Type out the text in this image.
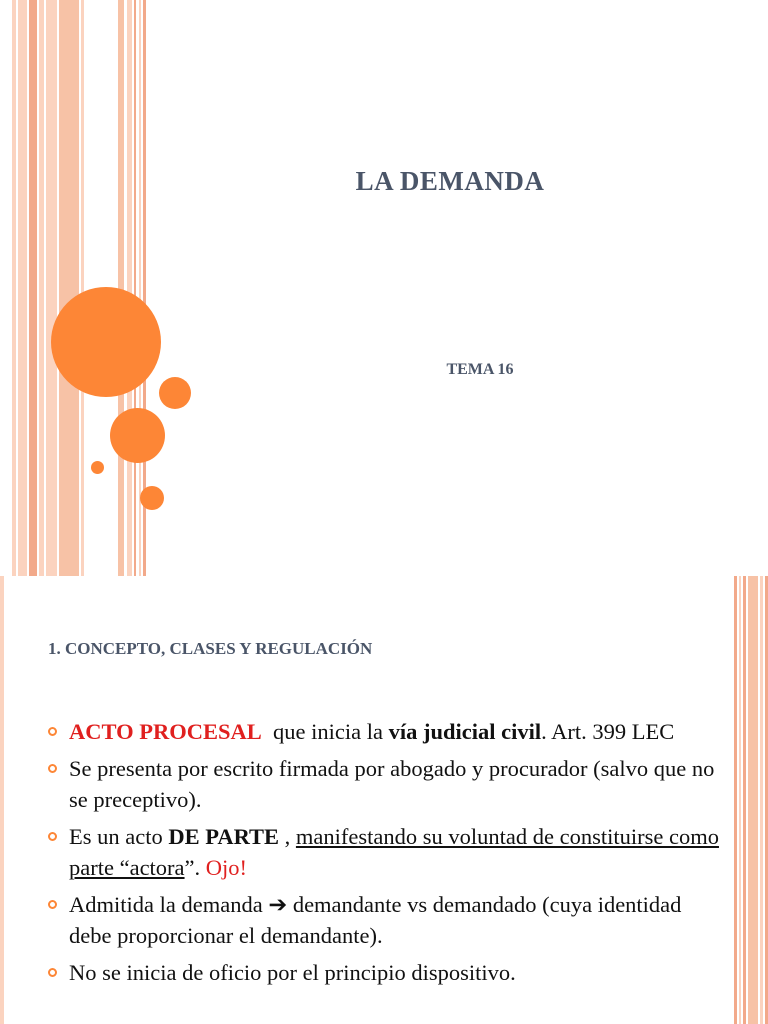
LA DEMANDA
TEMA 16
1. CONCEPTO, CLASES Y REGULACIÓN
ACTO PROCESAL  que inicia la vía judicial civil. Art. 399 LEC
Se presenta por escrito firmada por abogado y procurador (salvo que no se preceptivo).
Es un acto DE PARTE , manifestando su voluntad de constituirse como parte “actora”. Ojo!
Admitida la demanda ➔ demandante vs demandado (cuya identidad debe proporcionar el demandante).
No se inicia de oficio por el principio dispositivo.
